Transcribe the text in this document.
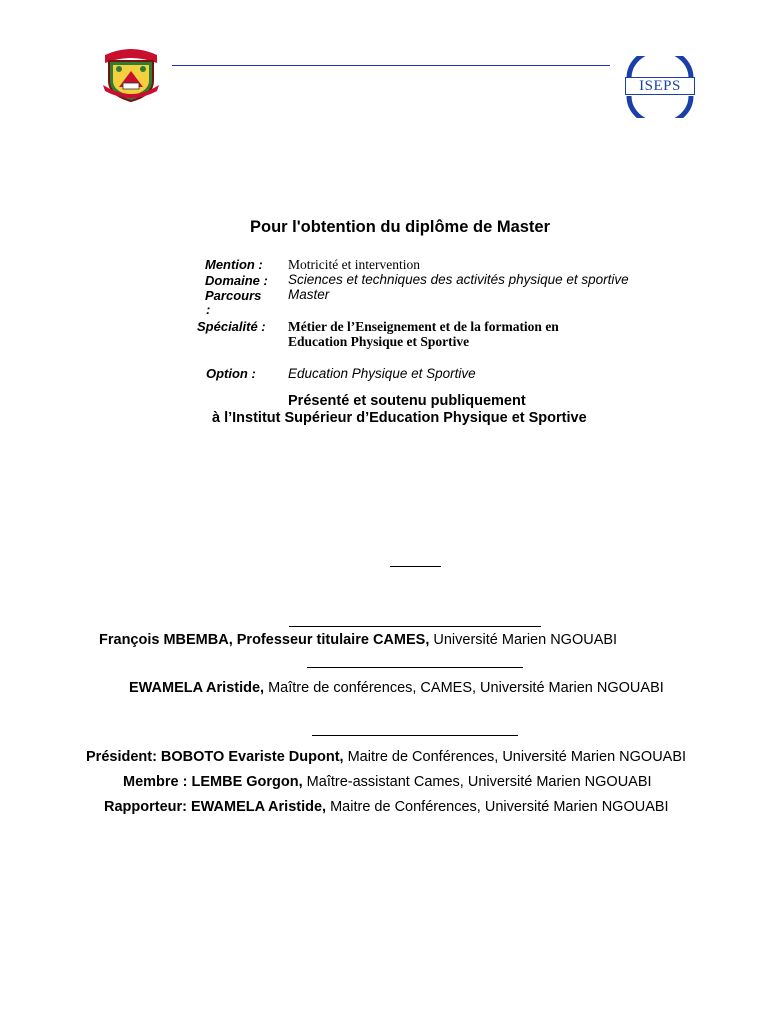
ISEPS
Pour l'obtention du diplôme de Master
Mention : Motricité et intervention
Domaine : Sciences et techniques des activités physique et sportive
Parcours
:
Master
Spécialité : Métier de l’Enseignement et de la formation en
Education Physique et Sportive
Option : Education Physique et Sportive
Présenté et soutenu publiquement
à l’Institut Supérieur d’Education Physique et Sportive
François MBEMBA, Professeur titulaire CAMES, Université Marien NGOUABI
EWAMELA Aristide, Maître de conférences, CAMES, Université Marien NGOUABI
Président: BOBOTO Evariste Dupont, Maitre de Conférences, Université Marien NGOUABI
Membre : LEMBE Gorgon, Maître-assistant Cames, Université Marien NGOUABI
Rapporteur: EWAMELA Aristide, Maitre de Conférences, Université Marien NGOUABI
